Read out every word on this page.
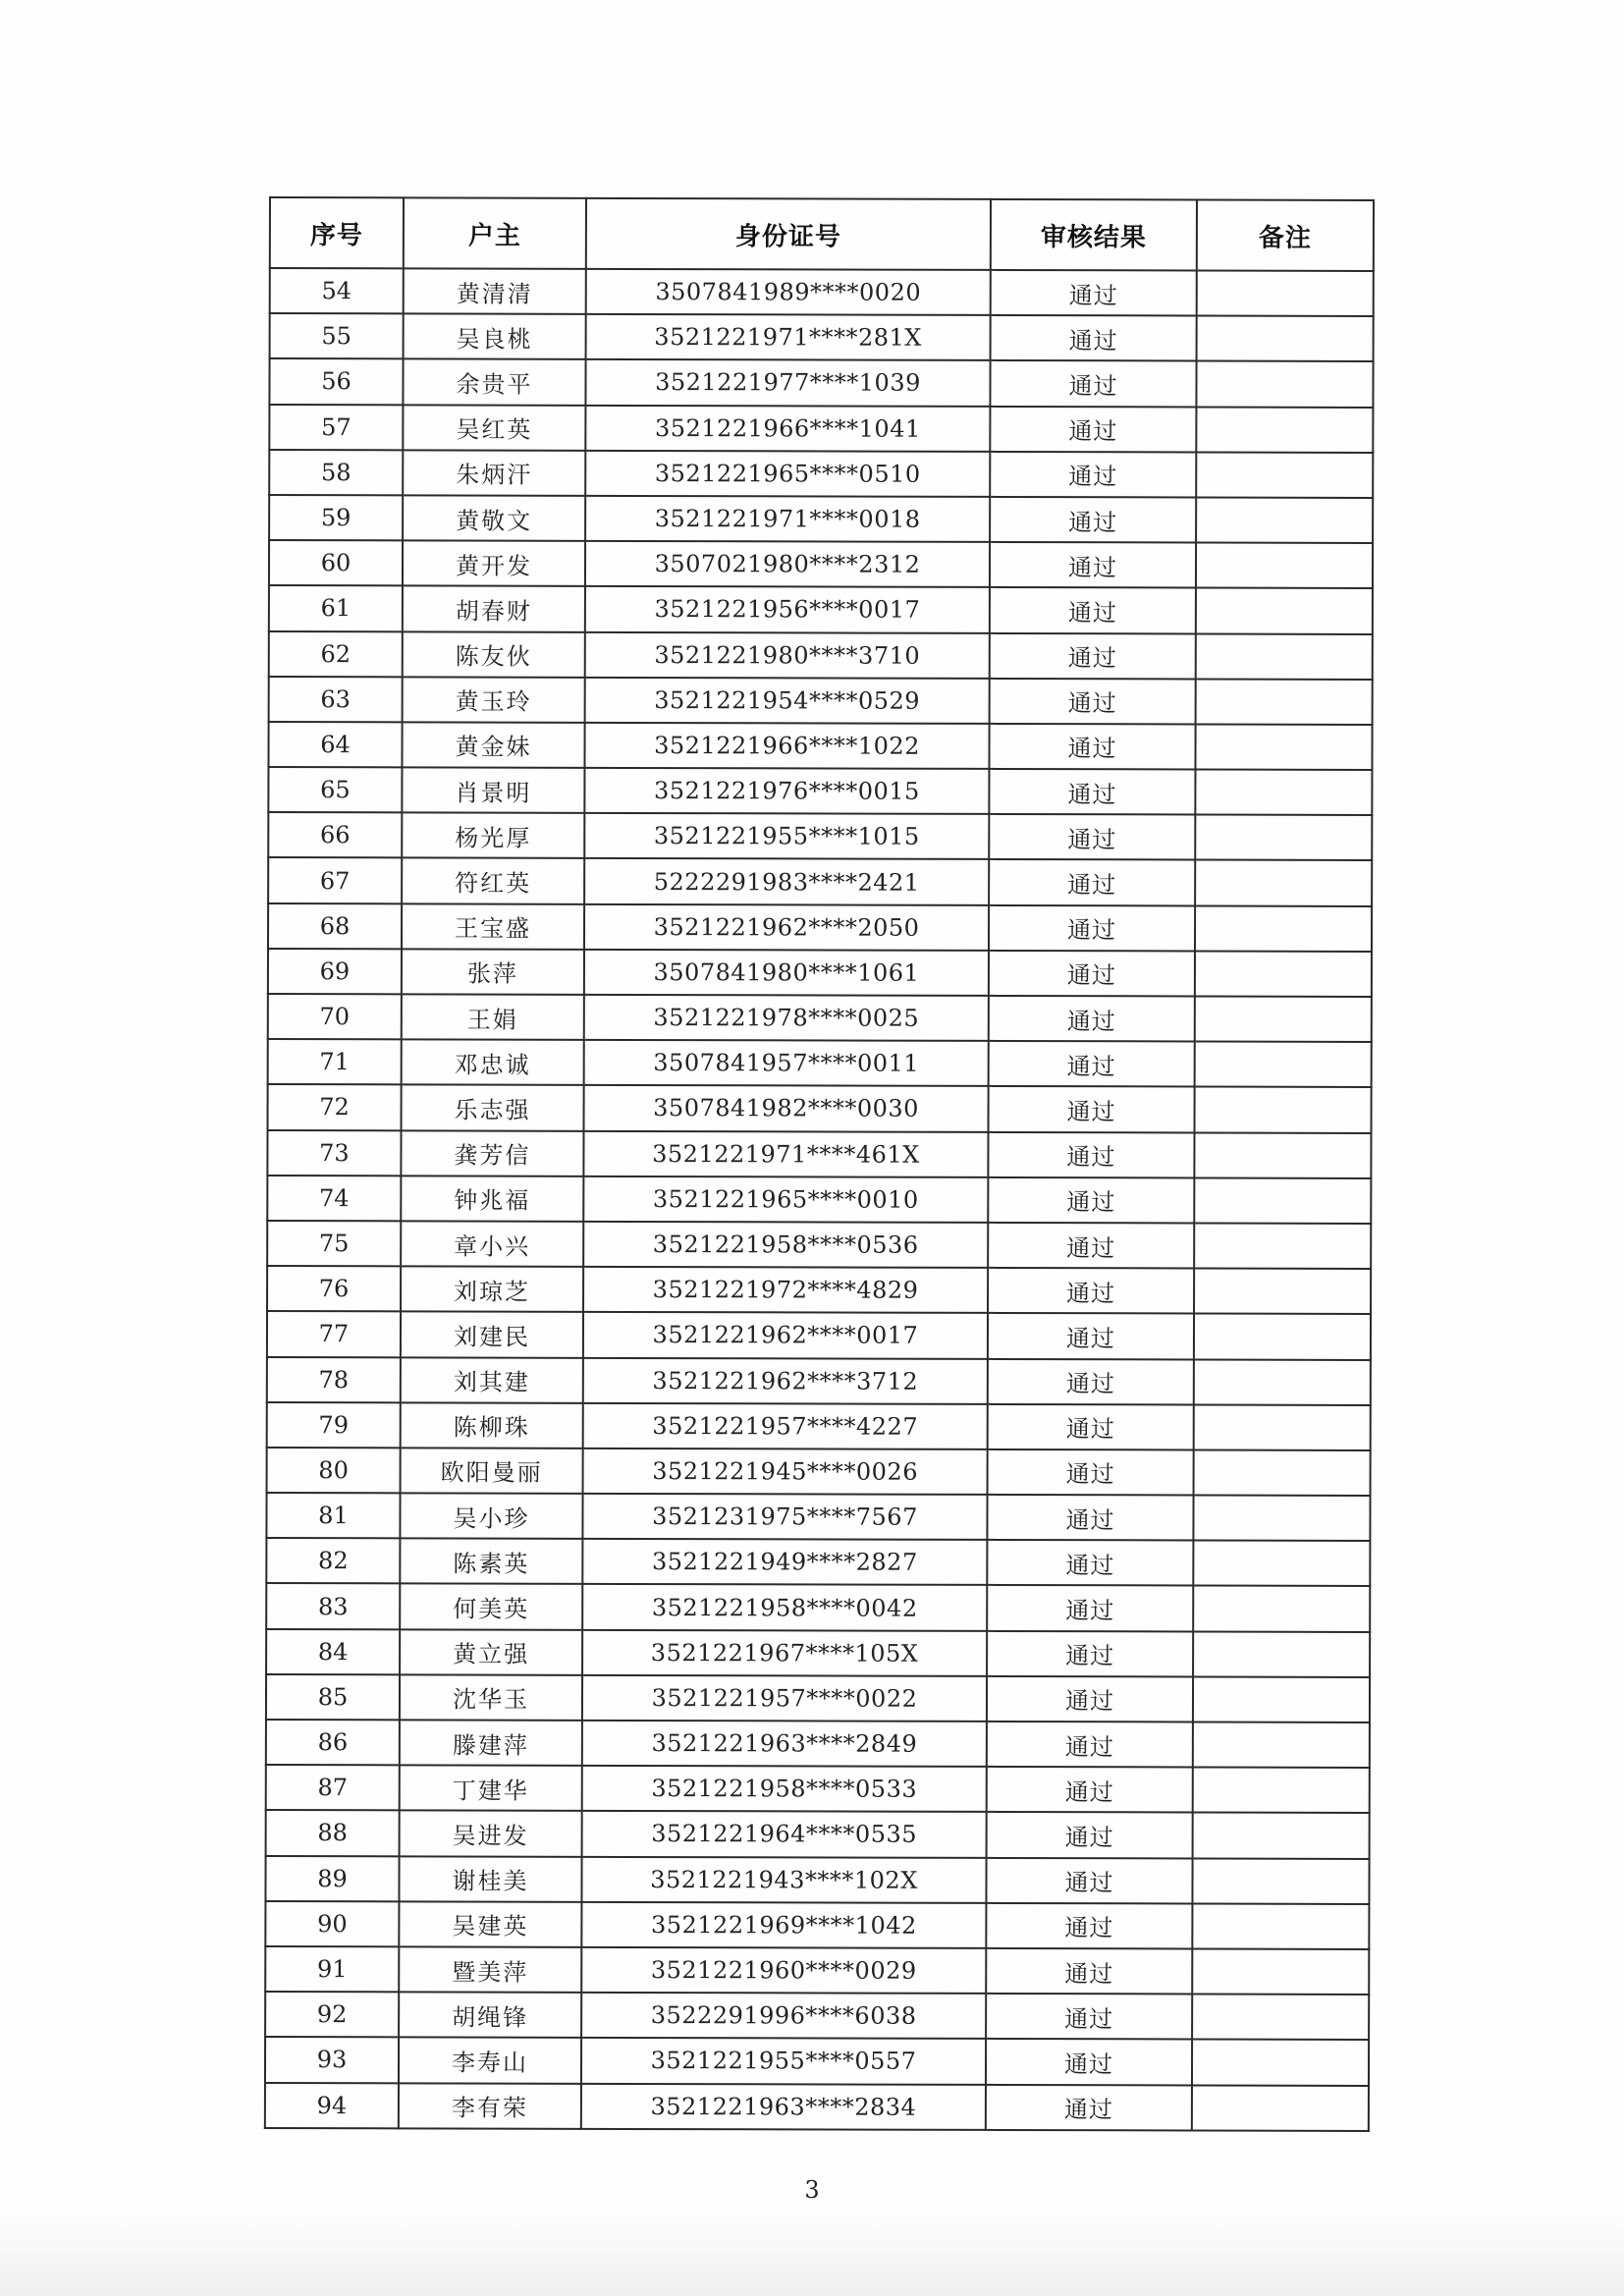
序号	户主	身份证号	审核结果	备注
54	黄清清	3507841989****0020	通过	
55	吴良桃	3521221971****281X	通过	
56	余贵平	3521221977****1039	通过	
57	吴红英	3521221966****1041	通过	
58	朱炳汗	3521221965****0510	通过	
59	黄敬文	3521221971****0018	通过	
60	黄开发	3507021980****2312	通过	
61	胡春财	3521221956****0017	通过	
62	陈友伙	3521221980****3710	通过	
63	黄玉玲	3521221954****0529	通过	
64	黄金妹	3521221966****1022	通过	
65	肖景明	3521221976****0015	通过	
66	杨光厚	3521221955****1015	通过	
67	符红英	5222291983****2421	通过	
68	王宝盛	3521221962****2050	通过	
69	张萍	3507841980****1061	通过	
70	王娟	3521221978****0025	通过	
71	邓忠诚	3507841957****0011	通过	
72	乐志强	3507841982****0030	通过	
73	龚芳信	3521221971****461X	通过	
74	钟兆福	3521221965****0010	通过	
75	章小兴	3521221958****0536	通过	
76	刘琼芝	3521221972****4829	通过	
77	刘建民	3521221962****0017	通过	
78	刘其建	3521221962****3712	通过	
79	陈柳珠	3521221957****4227	通过	
80	欧阳曼丽	3521221945****0026	通过	
81	吴小珍	3521231975****7567	通过	
82	陈素英	3521221949****2827	通过	
83	何美英	3521221958****0042	通过	
84	黄立强	3521221967****105X	通过	
85	沈华玉	3521221957****0022	通过	
86	滕建萍	3521221963****2849	通过	
87	丁建华	3521221958****0533	通过	
88	吴进发	3521221964****0535	通过	
89	谢桂美	3521221943****102X	通过	
90	吴建英	3521221969****1042	通过	
91	暨美萍	3521221960****0029	通过	
92	胡绳锋	3522291996****6038	通过	
93	李寿山	3521221955****0557	通过	
94	李有荣	3521221963****2834	通过	
3
